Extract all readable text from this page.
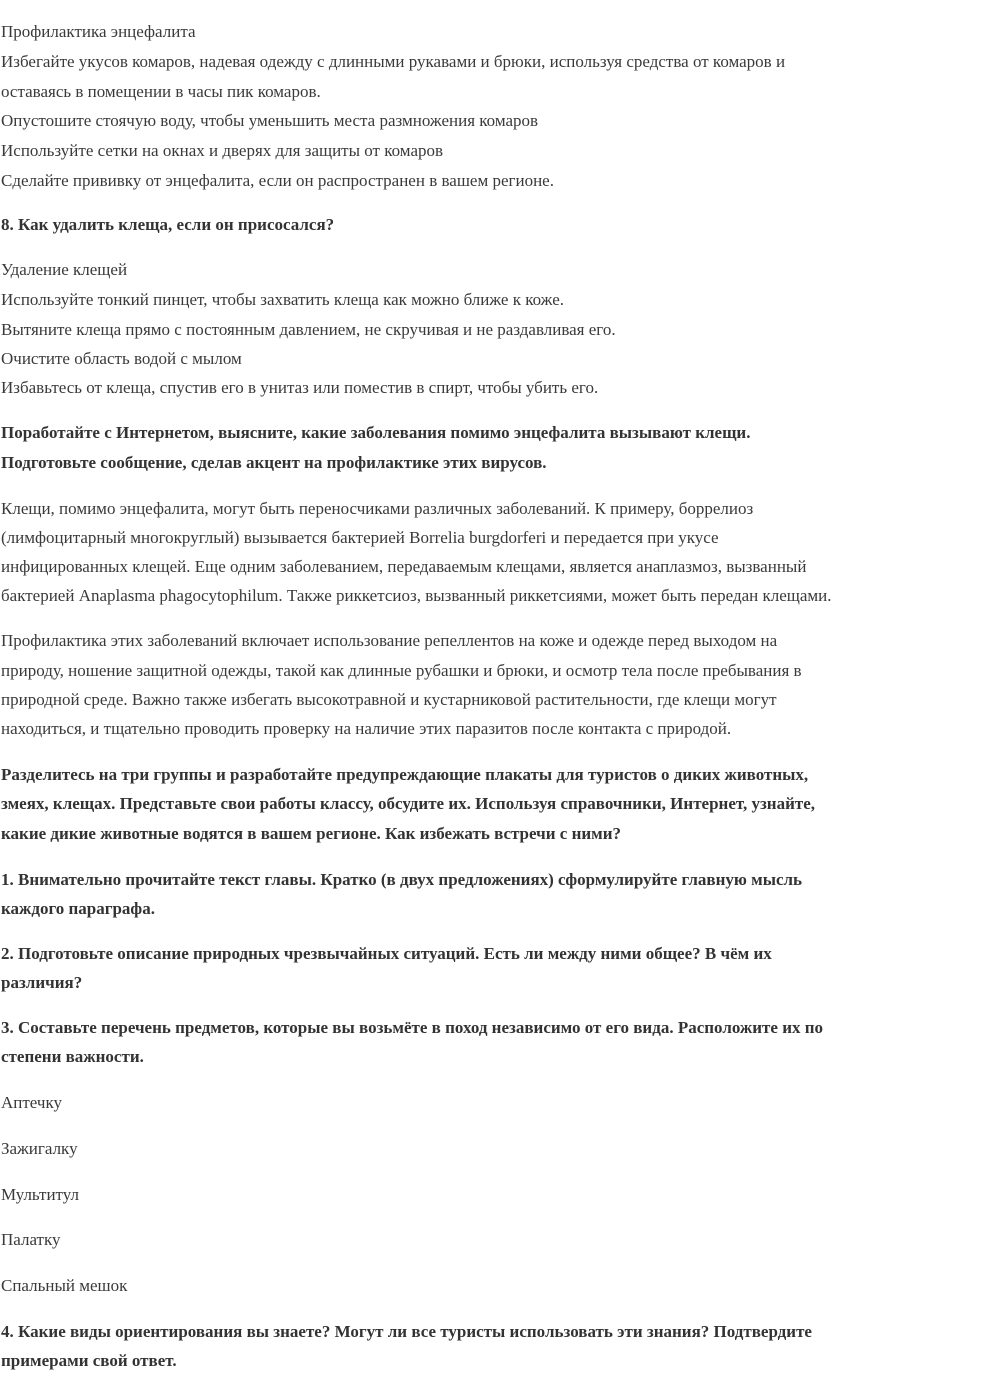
Профилактика энцефалита
Избегайте укусов комаров, надевая одежду с длинными рукавами и брюки, используя средства от комаров и
оставаясь в помещении в часы пик комаров.
Опустошите стоячую воду, чтобы уменьшить места размножения комаров
Используйте сетки на окнах и дверях для защиты от комаров
Сделайте прививку от энцефалита, если он распространен в вашем регионе.
8. Как удалить клеща, если он присосался?
Удаление клещей
Используйте тонкий пинцет, чтобы захватить клеща как можно ближе к коже.
Вытяните клеща прямо с постоянным давлением, не скручивая и не раздавливая его.
Очистите область водой с мылом
Избавьтесь от клеща, спустив его в унитаз или поместив в спирт, чтобы убить его.
Поработайте с Интернетом, выясните, какие заболевания помимо энцефалита вызывают клещи.
Подготовьте сообщение, сделав акцент на профилактике этих вирусов.
Клещи, помимо энцефалита, могут быть переносчиками различных заболеваний. К примеру, боррелиоз
(лимфоцитарный многокруглый) вызывается бактерией Borrelia burgdorferi и передается при укусе
инфицированных клещей. Еще одним заболеванием, передаваемым клещами, является анаплазмоз, вызванный
бактерией Anaplasma phagocytophilum. Также риккетсиоз, вызванный риккетсиями, может быть передан клещами.
Профилактика этих заболеваний включает использование репеллентов на коже и одежде перед выходом на
природу, ношение защитной одежды, такой как длинные рубашки и брюки, и осмотр тела после пребывания в
природной среде. Важно также избегать высокотравной и кустарниковой растительности, где клещи могут
находиться, и тщательно проводить проверку на наличие этих паразитов после контакта с природой.
Разделитесь на три группы и разработайте предупреждающие плакаты для туристов о диких животных,
змеях, клещах. Представьте свои работы классу, обсудите их. Используя справочники, Интернет, узнайте,
какие дикие животные водятся в вашем регионе. Как избежать встречи с ними?
1. Внимательно прочитайте текст главы. Кратко (в двух предложениях) сформулируйте главную мысль
каждого параграфа.
2. Подготовьте описание природных чрезвычайных ситуаций. Есть ли между ними общее? В чём их
различия?
3. Составьте перечень предметов, которые вы возьмёте в поход независимо от его вида. Расположите их по
степени важности.
Аптечку
Зажигалку
Мультитул
Палатку
Спальный мешок
4. Какие виды ориентирования вы знаете? Могут ли все туристы использовать эти знания? Подтвердите
примерами свой ответ.
